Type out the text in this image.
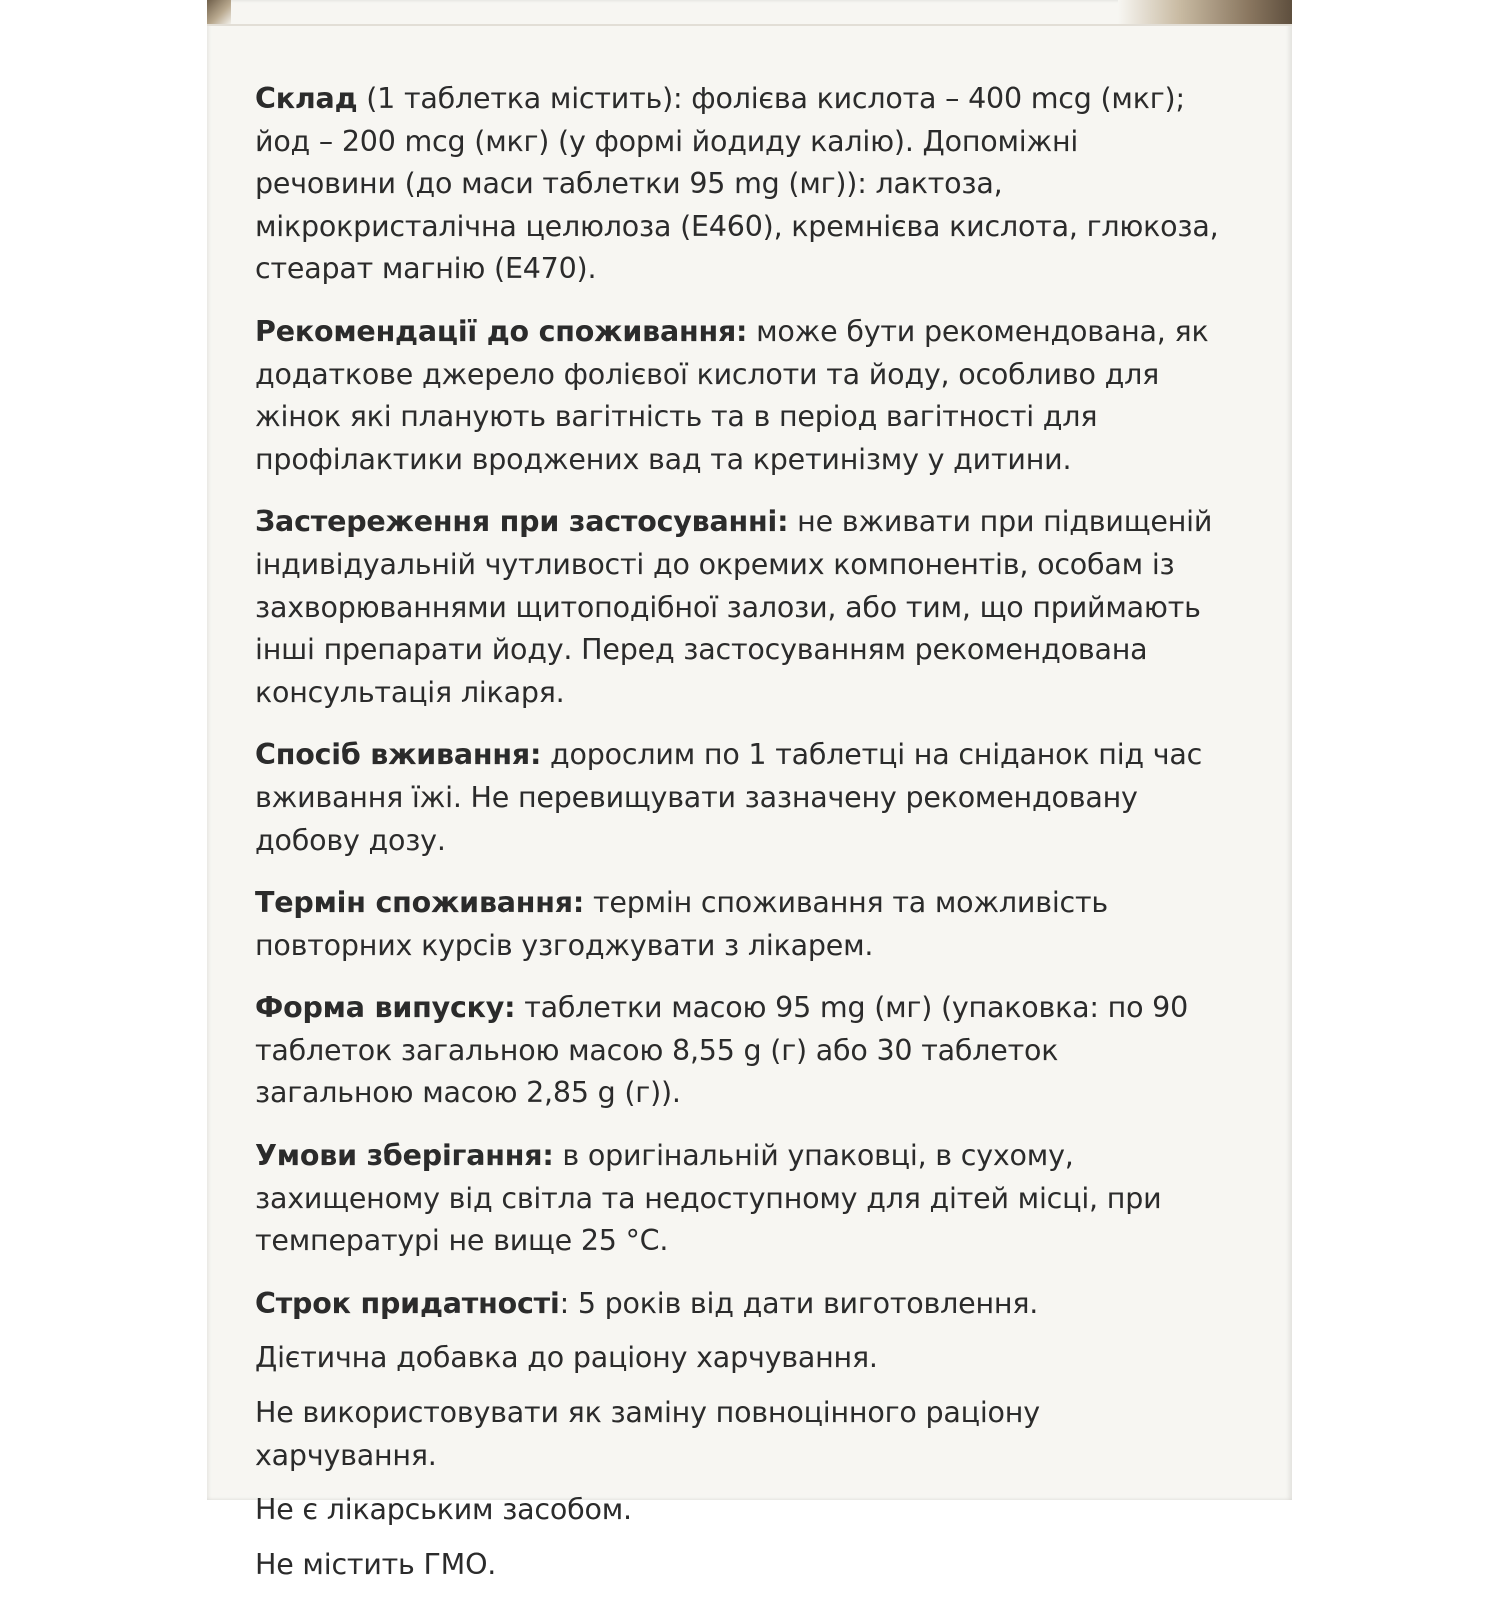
Склад (1 таблетка містить): фолієва кислота – 400 mcg (мкг); йод – 200 mcg (мкг) (у формі йодиду калію). Допоміжні речовини (до маси таблетки 95 mg (мг)): лактоза, мікрокристалічна целюлоза (E460), кремнієва кислота, глюкоза, стеарат магнію (E470).

Рекомендації до споживання: може бути рекомендована, як додаткове джерело фолієвої кислоти та йоду, особливо для жінок які планують вагітність та в період вагітності для профілактики вроджених вад та кретинізму у дитини.

Застереження при застосуванні: не вживати при підвищеній індивідуальній чутливості до окремих компонентів, особам із захворюваннями щитоподібної залози, або тим, що приймають інші препарати йоду. Перед застосуванням рекомендована консультація лікаря.

Спосіб вживання: дорослим по 1 таблетці на сніданок під час вживання їжі. Не перевищувати зазначену рекомендовану добову дозу.

Термін споживання: термін споживання та можливість повторних курсів узгоджувати з лікарем.

Форма випуску: таблетки масою 95 mg (мг) (упаковка: по 90 таблеток загальною масою 8,55 g (г) або 30 таблеток загальною масою 2,85 g (г)).

Умови зберігання: в оригінальній упаковці, в сухому, захищеному від світла та недоступному для дітей місці, при температурі не вище 25 °C.

Строк придатності: 5 років від дати виготовлення.

Дієтична добавка до раціону харчування.

Не використовувати як заміну повноцінного раціону харчування.

Не є лікарським засобом.

Не містить ГМО.
